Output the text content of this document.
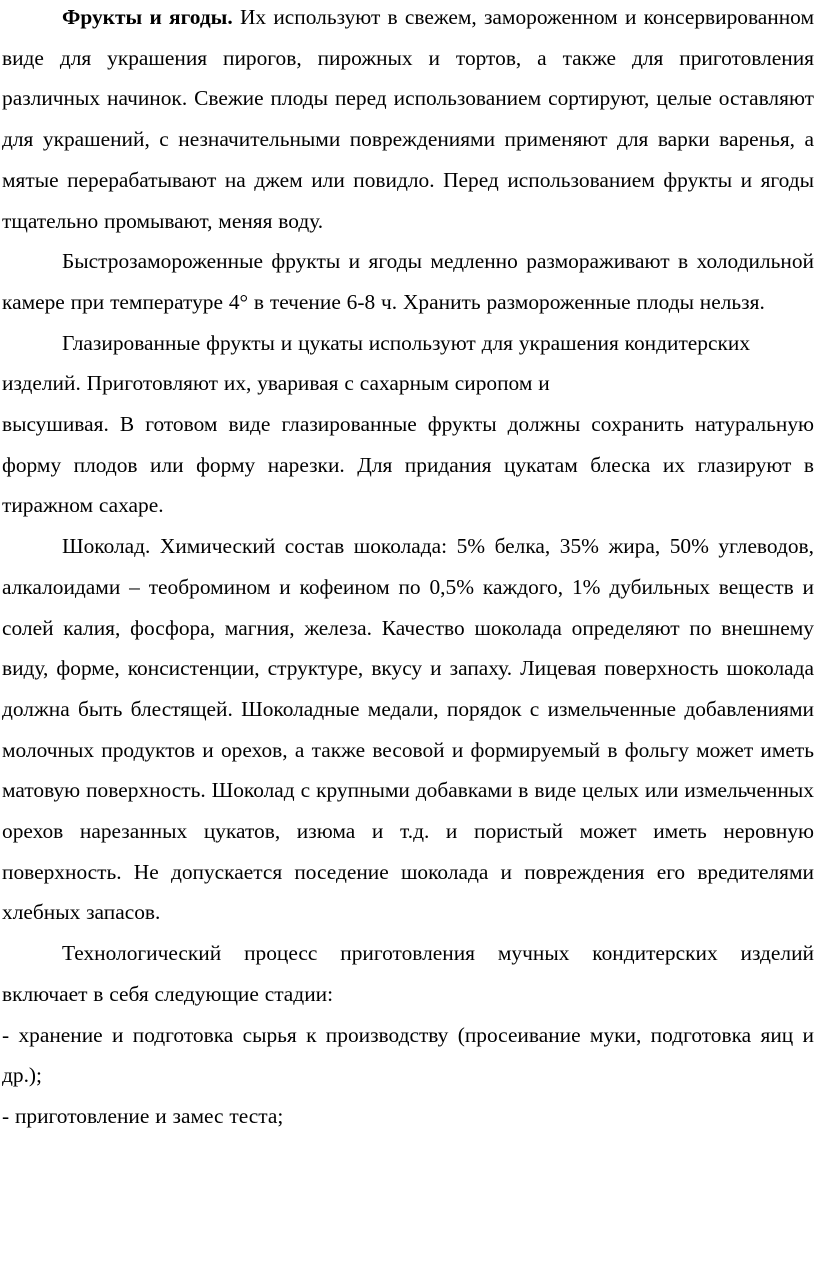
Фрукты и ягоды. Их используют в свежем, замороженном и консервированном виде для украшения пирогов, пирожных и тортов, а также для приготовления различных начинок. Свежие плоды перед использованием сортируют, целые оставляют для украшений, с незначительными повреждениями применяют для варки варенья, а мятые перерабатывают на джем или повидло. Перед использованием фрукты и ягоды тщательно промывают, меняя воду.

Быстрозамороженные фрукты и ягоды медленно размораживают в холодильной камере при температуре 4° в течение 6-8 ч. Хранить размороженные плоды нельзя.

Глазированные фрукты и цукаты используют для украшения кондитерских изделий. Приготовляют их, уваривая с сахарным сиропом и

высушивая. В готовом виде глазированные фрукты должны сохранить натуральную форму плодов или форму нарезки. Для придания цукатам блеска их глазируют в тиражном сахаре.

Шоколад. Химический состав шоколада: 5% белка, 35% жира, 50% углеводов, алкалоидами – теобромином и кофеином по 0,5% каждого, 1% дубильных веществ и солей калия, фосфора, магния, железа. Качество шоколада определяют по внешнему виду, форме, консистенции, структуре, вкусу и запаху. Лицевая поверхность шоколада должна быть блестящей. Шоколадные медали, порядок с измельченные добавлениями молочных продуктов и орехов, а также весовой и формируемый в фольгу может иметь матовую поверхность. Шоколад с крупными добавками в виде целых или измельченных орехов нарезанных цукатов, изюма и т.д. и пористый может иметь неровную поверхность. Не допускается поседение шоколада и повреждения его вредителями хлебных запасов.

Технологический процесс приготовления мучных кондитерских изделий включает в себя следующие стадии:

- хранение и подготовка сырья к производству (просеивание муки, подготовка яиц и др.);

- приготовление и замес теста;
